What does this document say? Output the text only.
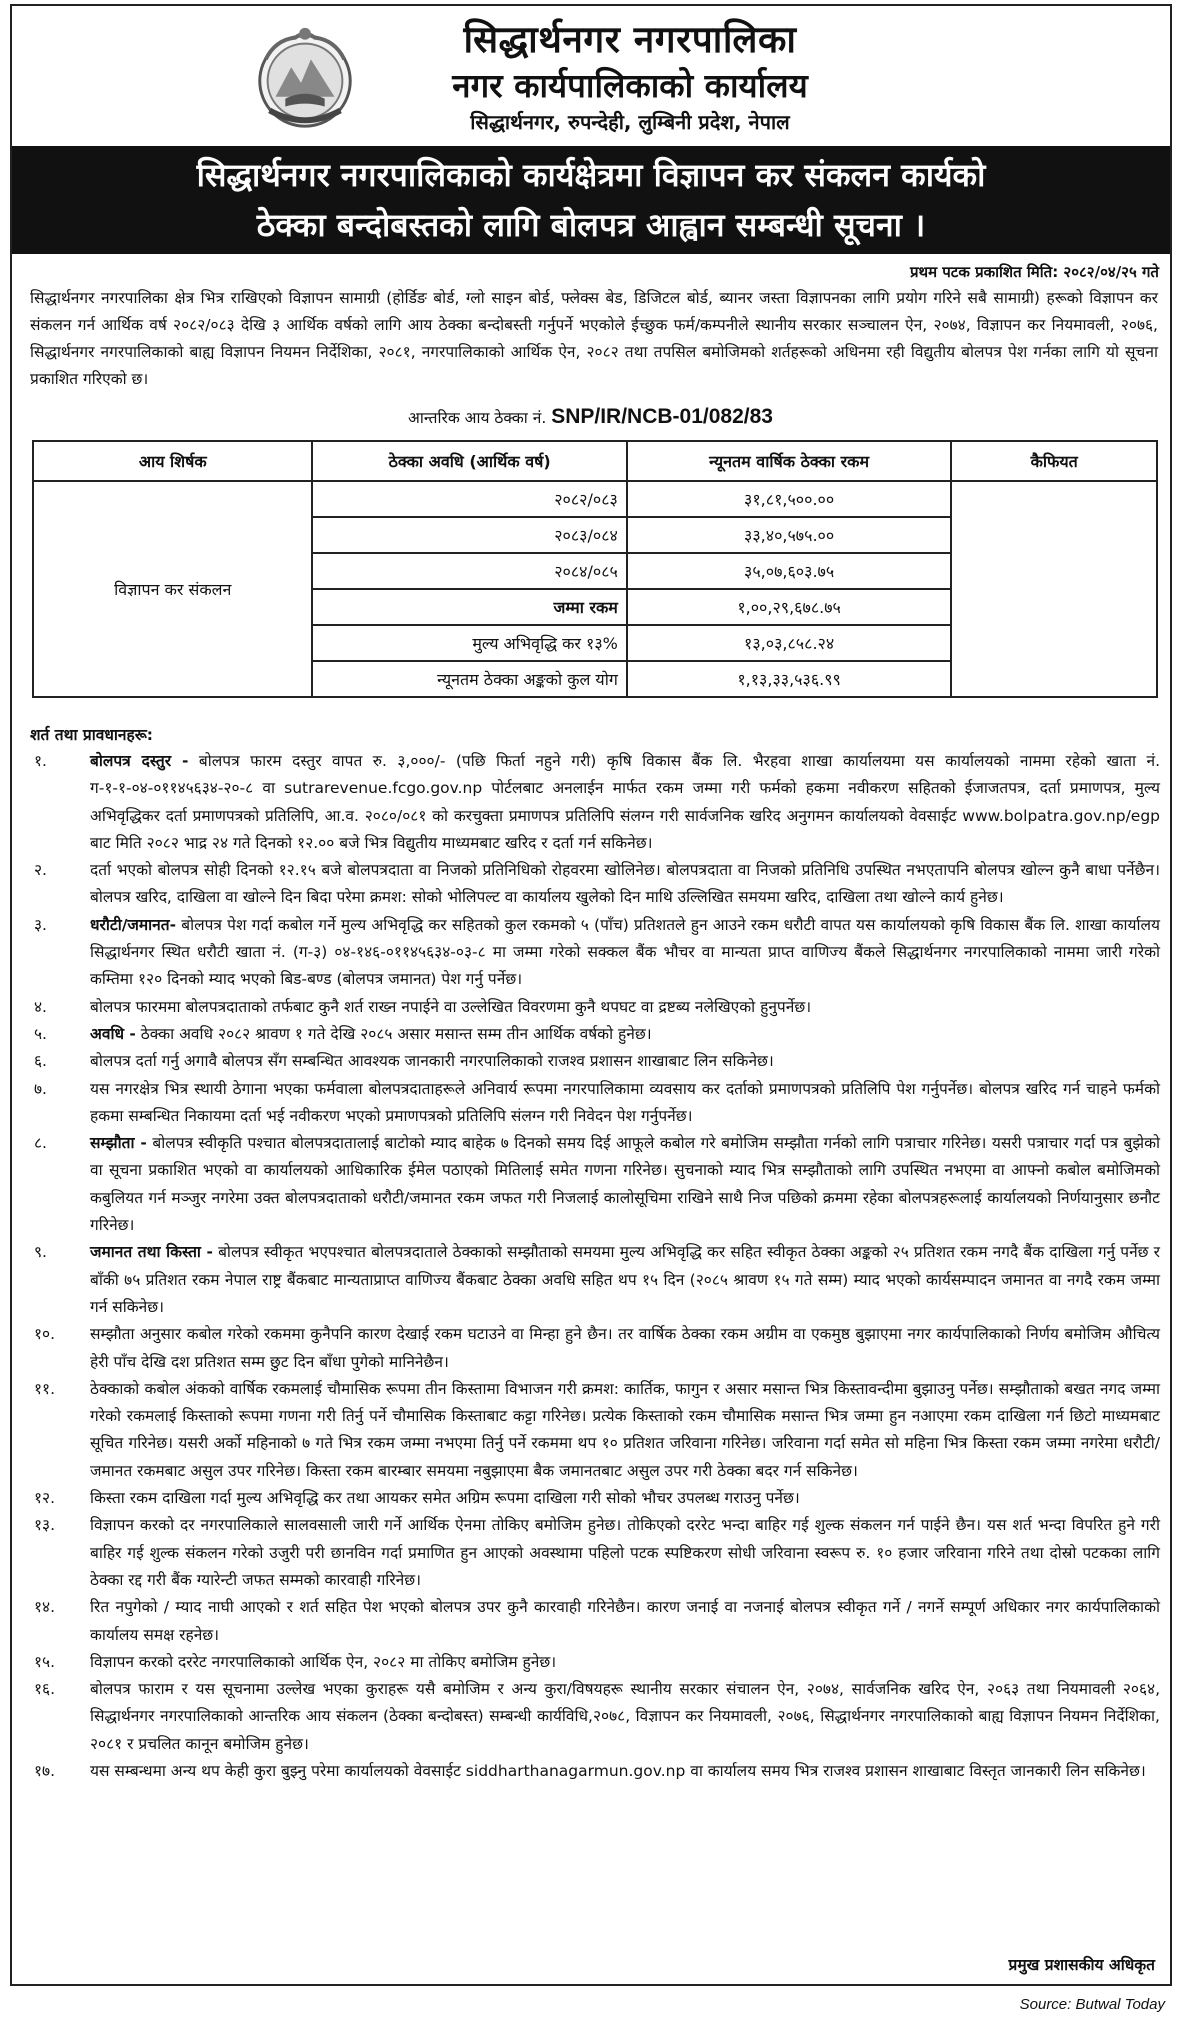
सिद्धार्थनगर नगरपालिका
नगर कार्यपालिकाको कार्यालय
सिद्धार्थनगर, रुपन्देही, लुम्बिनी प्रदेश, नेपाल
सिद्धार्थनगर नगरपालिकाको कार्यक्षेत्रमा विज्ञापन कर संकलन कार्यको
ठेक्का बन्दोबस्तको लागि बोलपत्र आह्वान सम्बन्धी सूचना ।
प्रथम पटक प्रकाशित मिति: २०८२/०४/२५ गते
सिद्धार्थनगर नगरपालिका क्षेत्र भित्र राखिएको विज्ञापन सामाग्री (होर्डिङ बोर्ड, ग्लो साइन बोर्ड, फ्लेक्स बेड, डिजिटल बोर्ड, ब्यानर जस्ता विज्ञापनका लागि प्रयोग गरिने सबै सामाग्री) हरूको विज्ञापन कर संकलन गर्न आर्थिक वर्ष २०८२/०८३ देखि ३ आर्थिक वर्षको लागि आय ठेक्का बन्दोबस्ती गर्नुपर्ने भएकोले ईच्छुक फर्म/कम्पनीले स्थानीय सरकार सञ्चालन ऐन, २०७४, विज्ञापन कर नियमावली, २०७६, सिद्धार्थनगर नगरपालिकाको बाह्य विज्ञापन नियमन निर्देशिका, २०८१, नगरपालिकाको आर्थिक ऐन, २०८२ तथा तपसिल बमोजिमको शर्तहरूको अधिनमा रही विद्युतीय बोलपत्र पेश गर्नका लागि यो सूचना प्रकाशित गरिएको छ।
आन्तरिक आय ठेक्का नं. SNP/IR/NCB-01/082/83
आय शिर्षक	ठेक्का अवधि (आर्थिक वर्ष)	न्यूनतम वार्षिक ठेक्का रकम	कैफियत
विज्ञापन कर संकलन	२०८२/०८३	३१,८१,५००.००	
	२०८३/०८४	३३,४०,५७५.००	
	२०८४/०८५	३५,०७,६०३.७५	
	जम्मा रकम	१,००,२९,६७८.७५	
	मुल्य अभिवृद्धि कर १३%	१३,०३,८५८.२४	
	न्यूनतम ठेक्का अङ्कको कुल योग	१,१३,३३,५३६.९९	
शर्त तथा प्रावधानहरू:
१.	बोलपत्र दस्तुर - बोलपत्र फारम दस्तुर वापत रु. ३,०००/- (पछि फिर्ता नहुने गरी) कृषि विकास बैंक लि. भैरहवा शाखा कार्यालयमा यस कार्यालयको नाममा रहेको खाता नं. ग-१-१-०४-०११४५६३४-२०-८ वा sutrarevenue.fcgo.gov.np पोर्टलबाट अनलाईन मार्फत रकम जम्मा गरी फर्मको हकमा नवीकरण सहितको ईजाजतपत्र, दर्ता प्रमाणपत्र, मुल्य अभिवृद्धिकर दर्ता प्रमाणपत्रको प्रतिलिपि, आ.व. २०८०/०८१ को करचुक्ता प्रमाणपत्र प्रतिलिपि संलग्न गरी सार्वजनिक खरिद अनुगमन कार्यालयको वेवसाईट www.bolpatra.gov.np/egp बाट मिति २०८२ भाद्र २४ गते दिनको १२.०० बजे भित्र विद्युतीय माध्यमबाट खरिद र दर्ता गर्न सकिनेछ।
२.	दर्ता भएको बोलपत्र सोही दिनको १२.१५ बजे बोलपत्रदाता वा निजको प्रतिनिधिको रोहवरमा खोलिनेछ। बोलपत्रदाता वा निजको प्रतिनिधि उपस्थित नभएतापनि बोलपत्र खोल्न कुनै बाधा पर्नेछैन। बोलपत्र खरिद, दाखिला वा खोल्ने दिन बिदा परेमा क्रमश: सोको भोलिपल्ट वा कार्यालय खुलेको दिन माथि उल्लिखित समयमा खरिद, दाखिला तथा खोल्ने कार्य हुनेछ।
३.	धरौटी/जमानत- बोलपत्र पेश गर्दा कबोल गर्ने मुल्य अभिवृद्धि कर सहितको कुल रकमको ५ (पाँच) प्रतिशतले हुन आउने रकम धरौटी वापत यस कार्यालयको कृषि विकास बैंक लि. शाखा कार्यालय सिद्धार्थनगर स्थित धरौटी खाता नं. (ग-३) ०४-१४६-०११४५६३४-०३-८ मा जम्मा गरेको सक्कल बैंक भौचर वा मान्यता प्राप्त वाणिज्य बैंकले सिद्धार्थनगर नगरपालिकाको नाममा जारी गरेको कम्तिमा १२० दिनको म्याद भएको बिड-बण्ड (बोलपत्र जमानत) पेश गर्नु पर्नेछ।
४.	बोलपत्र फारममा बोलपत्रदाताको तर्फबाट कुनै शर्त राख्न नपाईने वा उल्लेखित विवरणमा कुनै थपघट वा द्रष्टब्य नलेखिएको हुनुपर्नेछ।
५.	अवधि - ठेक्का अवधि २०८२ श्रावण १ गते देखि २०८५ असार मसान्त सम्म तीन आर्थिक वर्षको हुनेछ।
६.	बोलपत्र दर्ता गर्नु अगावै बोलपत्र सँग सम्बन्धित आवश्यक जानकारी नगरपालिकाको राजश्व प्रशासन शाखाबाट लिन सकिनेछ।
७.	यस नगरक्षेत्र भित्र स्थायी ठेगाना भएका फर्मवाला बोलपत्रदाताहरूले अनिवार्य रूपमा नगरपालिकामा व्यवसाय कर दर्ताको प्रमाणपत्रको प्रतिलिपि पेश गर्नुपर्नेछ। बोलपत्र खरिद गर्न चाहने फर्मको हकमा सम्बन्धित निकायमा दर्ता भई नवीकरण भएको प्रमाणपत्रको प्रतिलिपि संलग्न गरी निवेदन पेश गर्नुपर्नेछ।
८.	सम्झौता - बोलपत्र स्वीकृति पश्चात बोलपत्रदातालाई बाटोको म्याद बाहेक ७ दिनको समय दिई आफूले कबोल गरे बमोजिम सम्झौता गर्नको लागि पत्राचार गरिनेछ। यसरी पत्राचार गर्दा पत्र बुझेको वा सूचना प्रकाशित भएको वा कार्यालयको आधिकारिक ईमेल पठाएको मितिलाई समेत गणना गरिनेछ। सुचनाको म्याद भित्र सम्झौताको लागि उपस्थित नभएमा वा आफ्नो कबोल बमोजिमको कबुलियत गर्न मञ्जुर नगरेमा उक्त बोलपत्रदाताको धरौटी/जमानत रकम जफत गरी निजलाई कालोसूचिमा राखिने साथै निज पछिको क्रममा रहेका बोलपत्रहरूलाई कार्यालयको निर्णयानुसार छनौट गरिनेछ।
९.	जमानत तथा किस्ता - बोलपत्र स्वीकृत भएपश्चात बोलपत्रदाताले ठेक्काको सम्झौताको समयमा मुल्य अभिवृद्धि कर सहित स्वीकृत ठेक्का अङ्कको २५ प्रतिशत रकम नगदै बैंक दाखिला गर्नु पर्नेछ र बाँकी ७५ प्रतिशत रकम नेपाल राष्ट्र बैंकबाट मान्यताप्राप्त वाणिज्य बैंकबाट ठेक्का अवधि सहित थप १५ दिन (२०८५ श्रावण १५ गते सम्म) म्याद भएको कार्यसम्पादन जमानत वा नगदै रकम जम्मा गर्न सकिनेछ।
१०.	सम्झौता अनुसार कबोल गरेको रकममा कुनैपनि कारण देखाई रकम घटाउने वा मिन्हा हुने छैन। तर वार्षिक ठेक्का रकम अग्रीम वा एकमुष्ठ बुझाएमा नगर कार्यपालिकाको निर्णय बमोजिम औचित्य हेरी पाँच देखि दश प्रतिशत सम्म छुट दिन बाँधा पुगेको मानिनेछैन।
११.	ठेक्काको कबोल अंकको वार्षिक रकमलाई चौमासिक रूपमा तीन किस्तामा विभाजन गरी क्रमश: कार्तिक, फागुन र असार मसान्त भित्र किस्तावन्दीमा बुझाउनु पर्नेछ। सम्झौताको बखत नगद जम्मा गरेको रकमलाई किस्ताको रूपमा गणना गरी तिर्नु पर्ने चौमासिक किस्ताबाट कट्टा गरिनेछ। प्रत्येक किस्ताको रकम चौमासिक मसान्त भित्र जम्मा हुन नआएमा रकम दाखिला गर्न छिटो माध्यमबाट सूचित गरिनेछ। यसरी अर्को महिनाको ७ गते भित्र रकम जम्मा नभएमा तिर्नु पर्ने रकममा थप १० प्रतिशत जरिवाना गरिनेछ। जरिवाना गर्दा समेत सो महिना भित्र किस्ता रकम जम्मा नगरेमा धरौटी/जमानत रकमबाट असुल उपर गरिनेछ। किस्ता रकम बारम्बार समयमा नबुझाएमा बैक जमानतबाट असुल उपर गरी ठेक्का बदर गर्न सकिनेछ।
१२.	किस्ता रकम दाखिला गर्दा मुल्य अभिवृद्धि कर तथा आयकर समेत अग्रिम रूपमा दाखिला गरी सोको भौचर उपलब्ध गराउनु पर्नेछ।
१३.	विज्ञापन करको दर नगरपालिकाले सालवसाली जारी गर्ने आर्थिक ऐनमा तोकिए बमोजिम हुनेछ। तोकिएको दररेट भन्दा बाहिर गई शुल्क संकलन गर्न पाईने छैन। यस शर्त भन्दा विपरित हुने गरी बाहिर गई शुल्क संकलन गरेको उजुरी परी छानविन गर्दा प्रमाणित हुन आएको अवस्थामा पहिलो पटक स्पष्टिकरण सोधी जरिवाना स्वरूप रु. १० हजार जरिवाना गरिने तथा दोस्रो पटकका लागि ठेक्का रद्द गरी बैंक ग्यारेन्टी जफत सम्मको कारवाही गरिनेछ।
१४.	रित नपुगेको / म्याद नाघी आएको र शर्त सहित पेश भएको बोलपत्र उपर कुनै कारवाही गरिनेछैन। कारण जनाई वा नजनाई बोलपत्र स्वीकृत गर्ने / नगर्ने सम्पूर्ण अधिकार नगर कार्यपालिकाको कार्यालय समक्ष रहनेछ।
१५.	विज्ञापन करको दररेट नगरपालिकाको आर्थिक ऐन, २०८२ मा तोकिए बमोजिम हुनेछ।
१६.	बोलपत्र फाराम र यस सूचनामा उल्लेख भएका कुराहरू यसै बमोजिम र अन्य कुरा/विषयहरू स्थानीय सरकार संचालन ऐन, २०७४, सार्वजनिक खरिद ऐन, २०६३ तथा नियमावली २०६४, सिद्धार्थनगर नगरपालिकाको आन्तरिक आय संकलन (ठेक्का बन्दोबस्त) सम्बन्धी कार्यविधि,२०७८, विज्ञापन कर नियमावली, २०७६, सिद्धार्थनगर नगरपालिकाको बाह्य विज्ञापन नियमन निर्देशिका, २०८१ र प्रचलित कानून बमोजिम हुनेछ।
१७.	यस सम्बन्धमा अन्य थप केही कुरा बुझ्नु परेमा कार्यालयको वेवसाईट siddharthanagarmun.gov.np वा कार्यालय समय भित्र राजश्व प्रशासन शाखाबाट विस्तृत जानकारी लिन सकिनेछ।
प्रमुख प्रशासकीय अधिकृत
Source: Butwal Today
